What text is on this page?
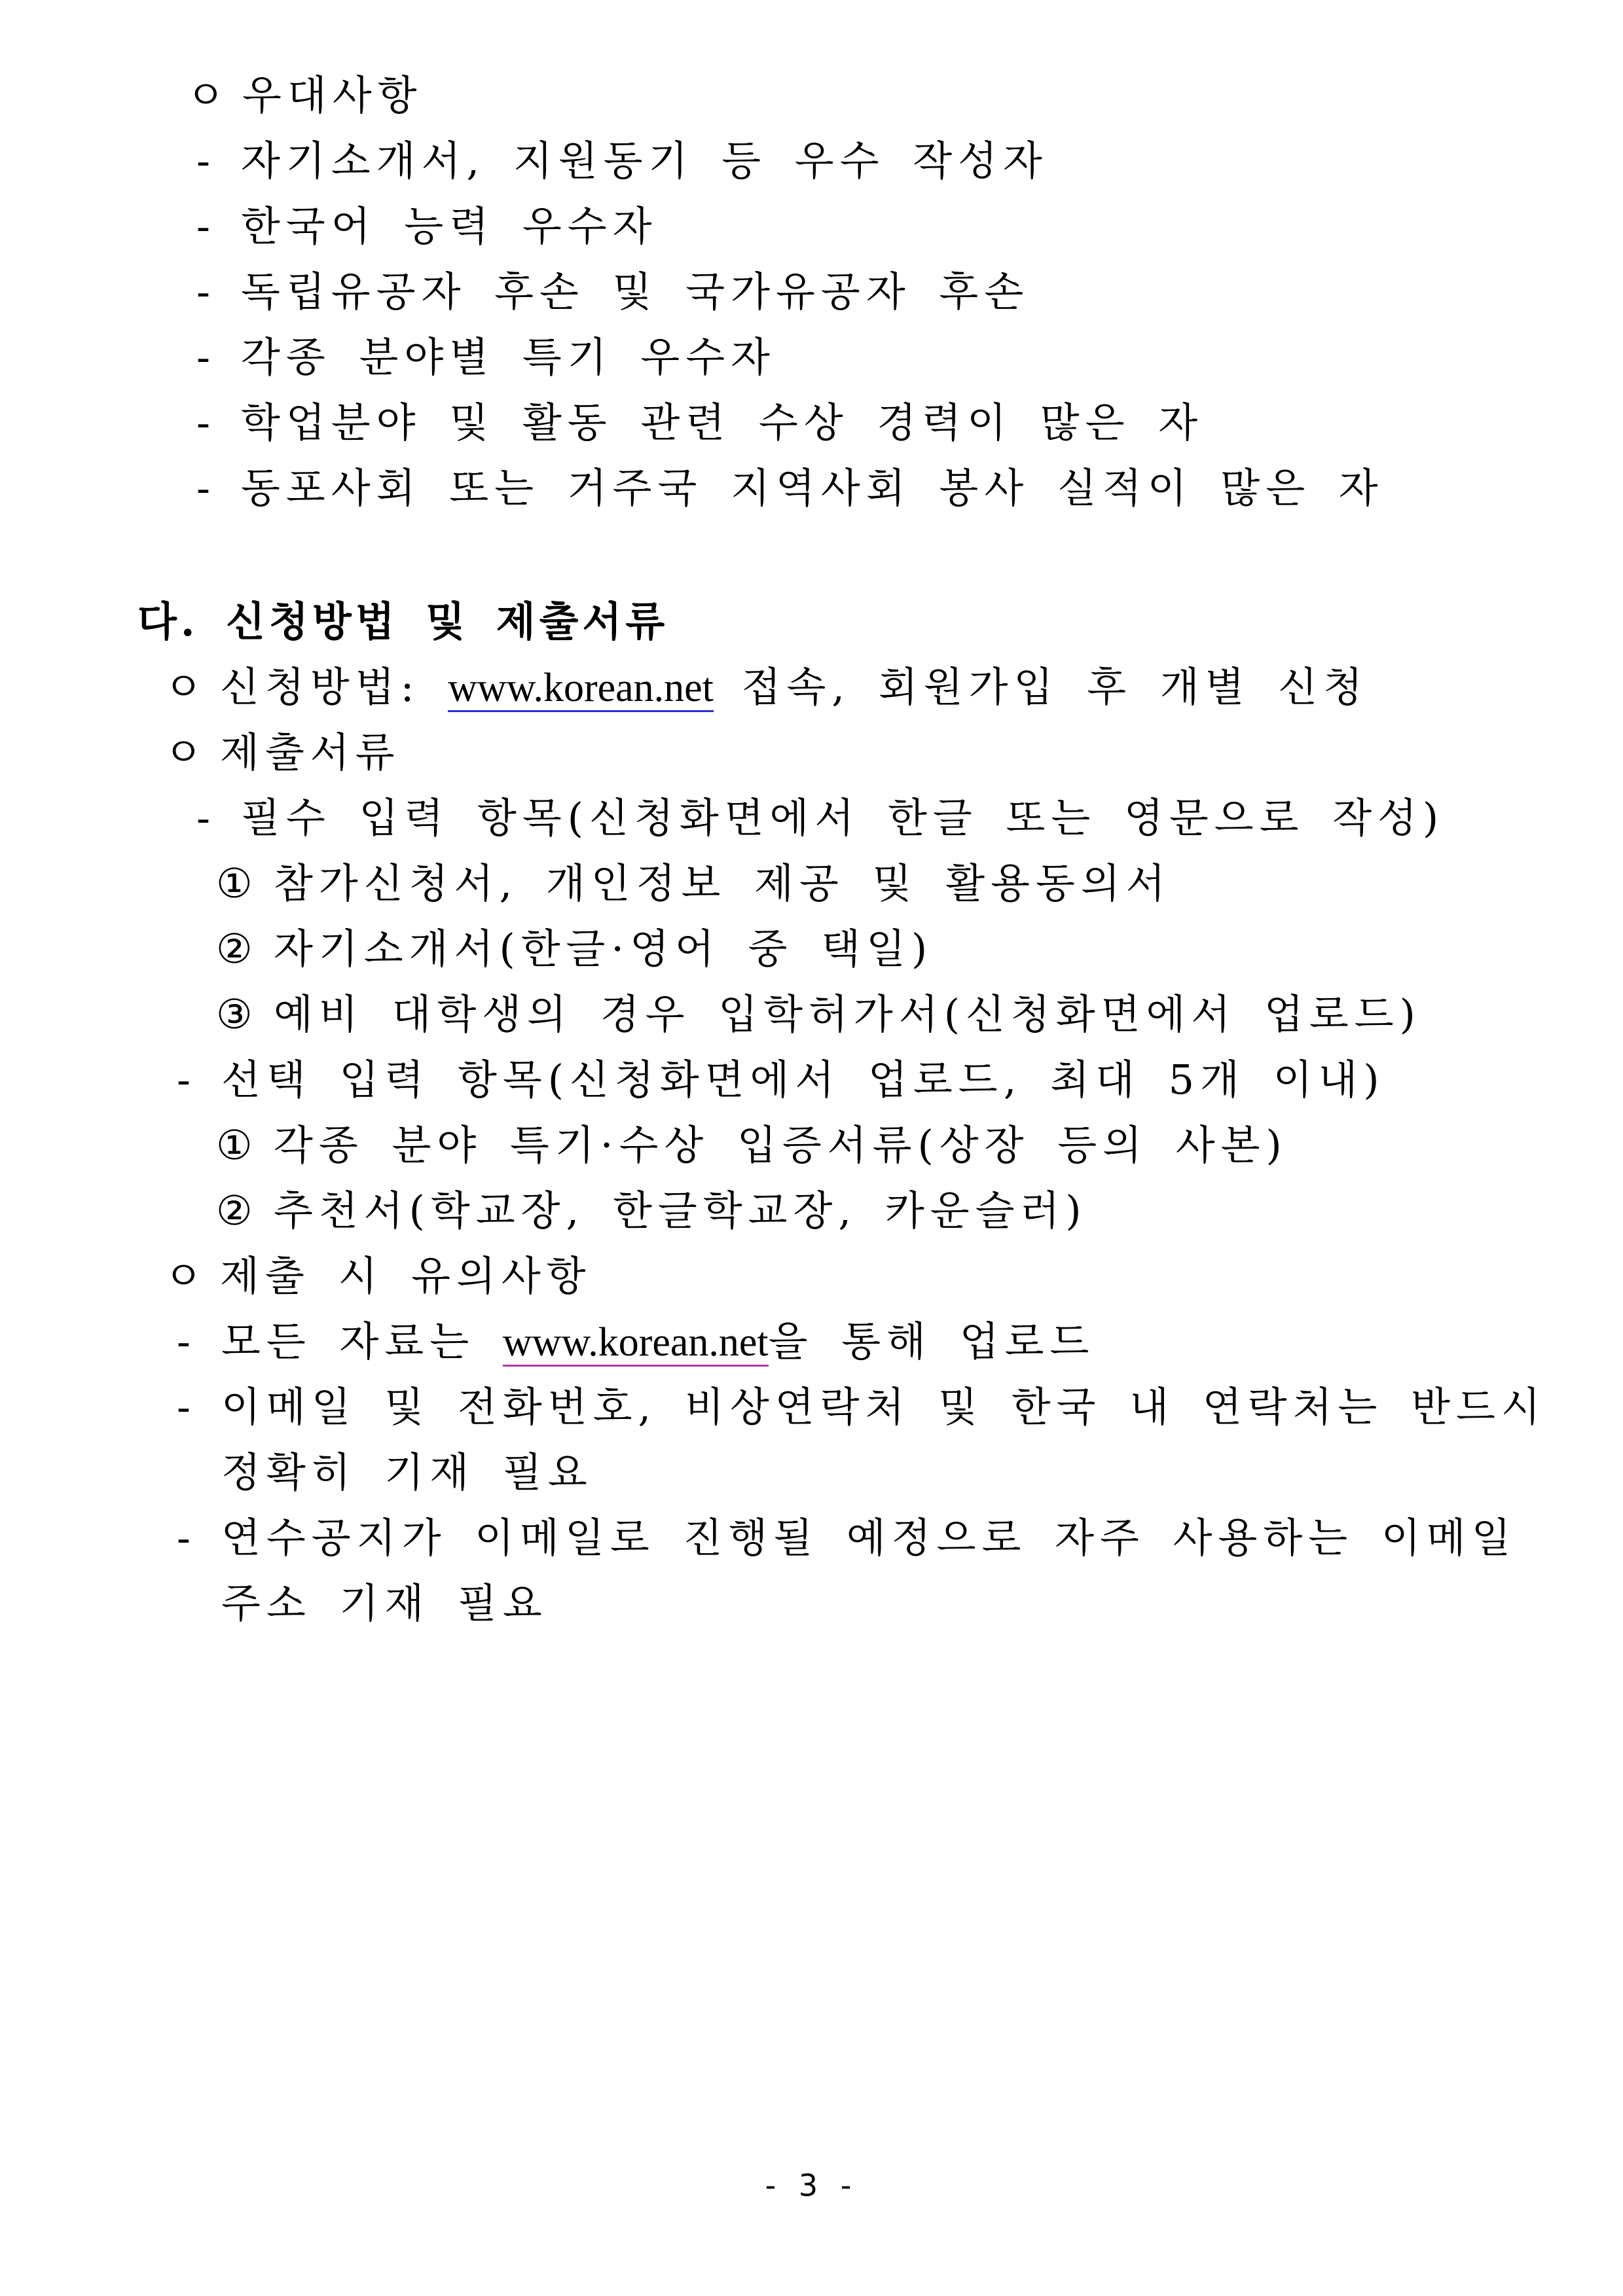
ㅇ 우대사항
- 자기소개서, 지원동기 등 우수 작성자
- 한국어 능력 우수자
- 독립유공자 후손 및 국가유공자 후손
- 각종 분야별 특기 우수자
- 학업분야 및 활동 관련 수상 경력이 많은 자
- 동포사회 또는 거주국 지역사회 봉사 실적이 많은 자
다. 신청방법 및 제출서류
ㅇ 신청방법: www.korean.net 접속, 회원가입 후 개별 신청
ㅇ 제출서류
- 필수 입력 항목(신청화면에서 한글 또는 영문으로 작성)
① 참가신청서, 개인정보 제공 및 활용동의서
② 자기소개서(한글·영어 중 택일)
③ 예비 대학생의 경우 입학허가서(신청화면에서 업로드)
- 선택 입력 항목(신청화면에서 업로드, 최대 5개 이내)
① 각종 분야 특기·수상 입증서류(상장 등의 사본)
② 추천서(학교장, 한글학교장, 카운슬러)
ㅇ 제출 시 유의사항
- 모든 자료는 www.korean.net을 통해 업로드
- 이메일 및 전화번호, 비상연락처 및 한국 내 연락처는 반드시
정확히 기재 필요
- 연수공지가 이메일로 진행될 예정으로 자주 사용하는 이메일
주소 기재 필요
- 3 -
